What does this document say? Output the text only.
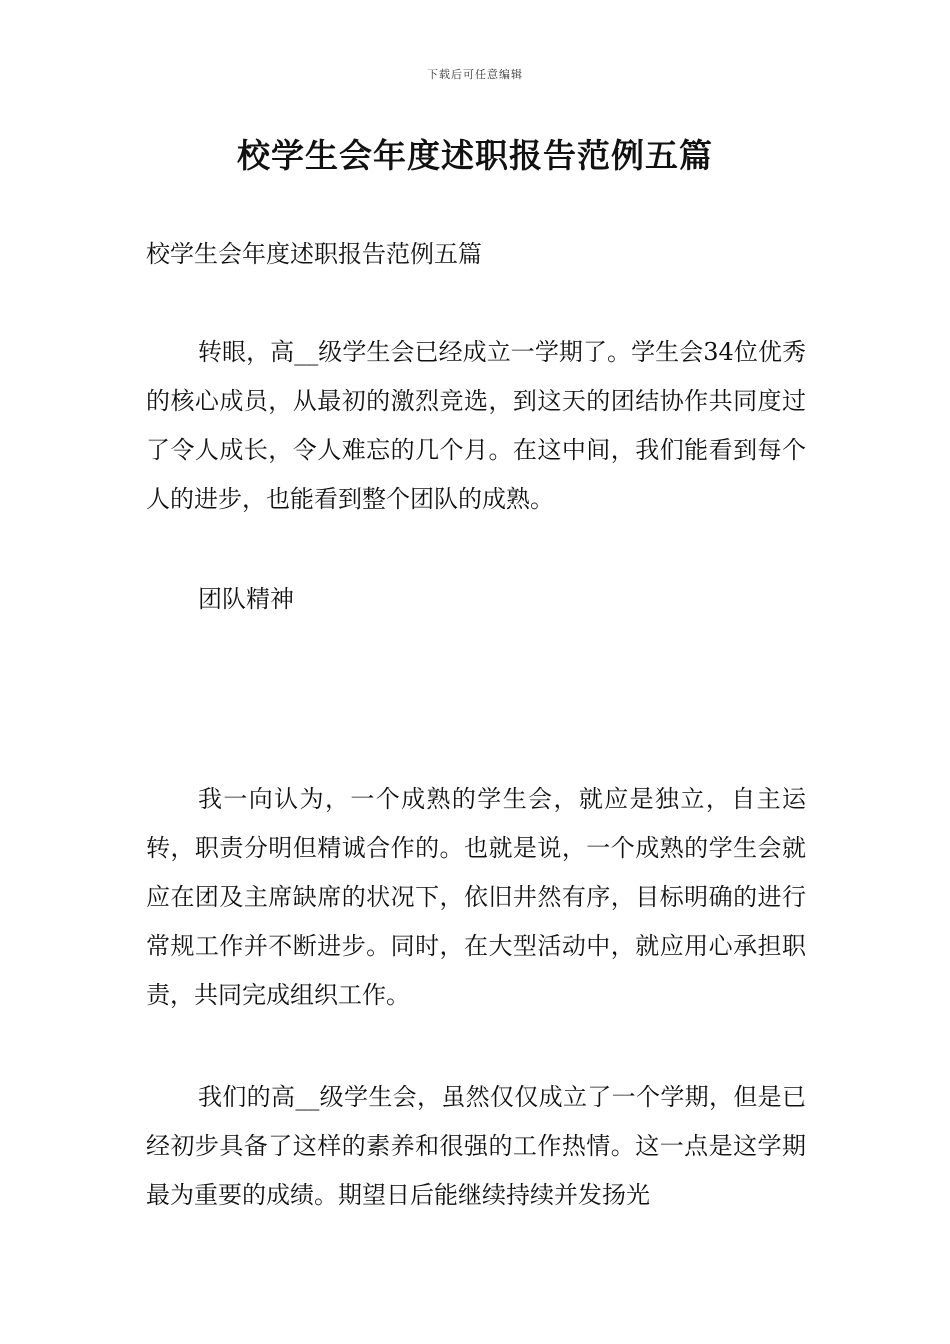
下载后可任意编辑
校学生会年度述职报告范例五篇

校学生会年度述职报告范例五篇

转眼，高__级学生会已经成立一学期了。学生会34位优秀的核心成员，从最初的激烈竞选，到这天的团结协作共同度过了令人成长，令人难忘的几个月。在这中间，我们能看到每个人的进步，也能看到整个团队的成熟。

团队精神

我一向认为，一个成熟的学生会，就应是独立，自主运转，职责分明但精诚合作的。也就是说，一个成熟的学生会就应在团及主席缺席的状况下，依旧井然有序，目标明确的进行常规工作并不断进步。同时，在大型活动中，就应用心承担职责，共同完成组织工作。

我们的高__级学生会，虽然仅仅成立了一个学期，但是已经初步具备了这样的素养和很强的工作热情。这一点是这学期最为重要的成绩。期望日后能继续持续并发扬光
